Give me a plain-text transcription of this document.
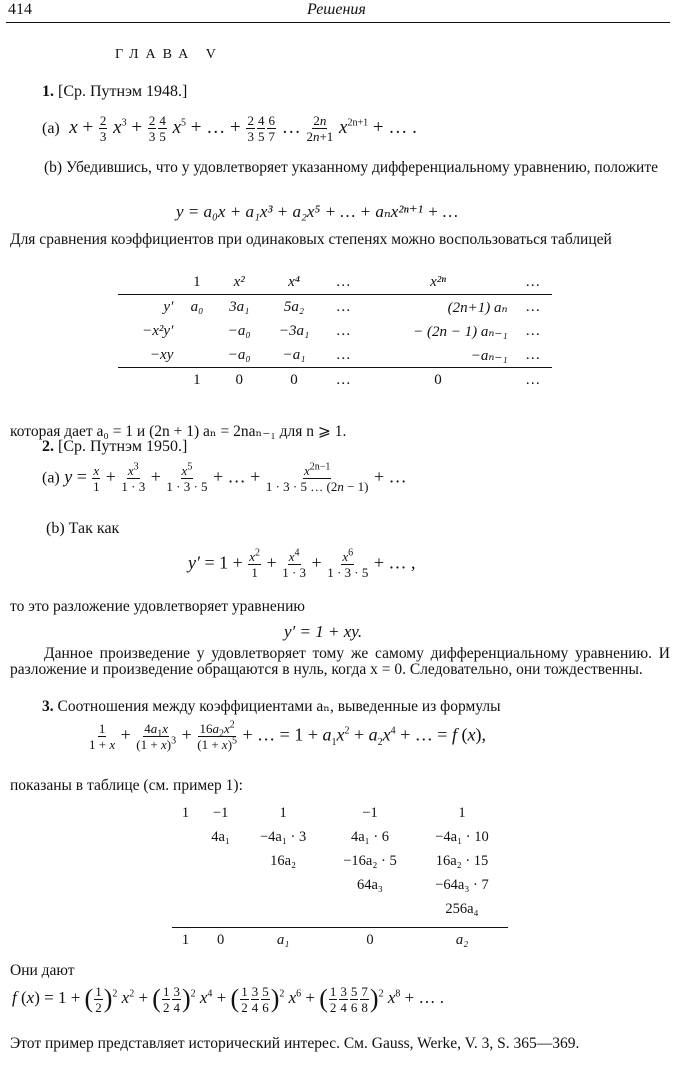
414	Решения
ГЛАВА V
1. [Ср. Путнэм 1948.]
(a) $x + \frac{2}{3} x^3 + \frac{2}{3} \frac{4}{5} x^5$ + … + $\frac{2}{3} \frac{4}{5} \frac{6}{7}$ … $\frac{2n}{2n+1} x^{2n+1}$ + … .
(b) Убедившись, что y удовлетворяет указанному дифференциальному уравнению, положите
y = a₀x + a₁x³ + a₂x⁵ + … + aₙx²ⁿ⁺¹ + …
Для сравнения коэффициентов при одинаковых степенях можно воспользоваться таблицей
	1	x²	x⁴	…	x²ⁿ	…
y′	a₀	3a₁	5a₂	…	(2n+1) aₙ	…
−x²y′		−a₀	−3a₁	…	− (2n − 1) aₙ₋₁	…
−xy		−a₀	−a₁	…	−aₙ₋₁	…
	1	0	0	…	0	…
которая дает a₀ = 1 и (2n + 1) aₙ = 2naₙ₋₁ для n ⩾ 1.
2. [Ср. Путнэм 1950.]
(a) $y = \frac{x}{1} + \frac{x^3}{1 \cdot 3} + \frac{x^5}{1 \cdot 3 \cdot 5}$ + … + $\frac{x^{2n-1}}{1 \cdot 3 \cdot 5 \dots (2n - 1)}$ + …
(b) Так как
$y' = 1 + \frac{x^2}{1} + \frac{x^4}{1 \cdot 3} + \frac{x^6}{1 \cdot 3 \cdot 5}$ + … ,
то это разложение удовлетворяет уравнению
y′ = 1 + xy.
Данное произведение y удовлетворяет тому же самому дифференциальному уравнению. И разложение и произведение обращаются в нуль, когда x = 0. Следовательно, они тождественны.
3. Соотношения между коэффициентами aₙ, выведенные из формулы
$\frac{1}{1 + x} + \frac{4a_1x}{(1 + x)^3} + \frac{16a_2x^2}{(1 + x)^5}$ + … = $1 + a_1x^2 + a_2x^4$ + … = f (x),
показаны в таблице (см. пример 1):
1	−1	1	−1	1
	4a₁	−4a₁ · 3	4a₁ · 6	−4a₁ · 10
		16a₂	−16a₂ · 5	16a₂ · 15
			64a₃	−64a₃ · 7
				256a₄

1	0	a₁	0	a₂
Они дают
f (x) = 1 + ( $\frac{1}{2} )^2$ $x^2$ + ( $\frac{1}{2} \frac{3}{4} )^2$ $x^4$ + ( $\frac{1}{2} \frac{3}{4} \frac{5}{6} )^2$ $x^6$ + ( $\frac{1}{2} \frac{3}{4} \frac{5}{6} \frac{7}{8} )^2$ $x^8$ + … .
Этот пример представляет исторический интерес. См. Gauss, Werke, V. 3, S. 365—369.
